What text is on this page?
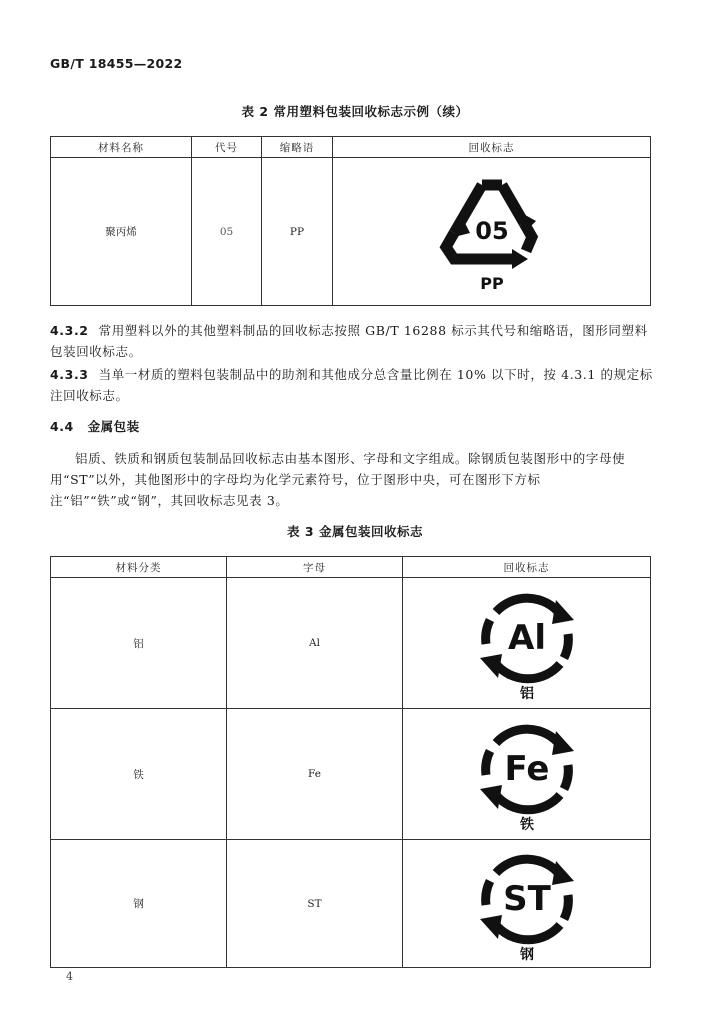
GB/T 18455—2022
表 2 常用塑料包装回收标志示例（续）
材料名称	代号	缩略语	回收标志
聚丙烯	05	PP	05
PP
4.3.2 常用塑料以外的其他塑料制品的回收标志按照 GB/T 16288 标示其代号和缩略语，图形同塑料包装回收标志。
4.3.3 当单一材质的塑料包装制品中的助剂和其他成分总含量比例在 10% 以下时，按 4.3.1 的规定标注回收标志。
4.4 金属包装
铝质、铁质和钢质包装制品回收标志由基本图形、字母和文字组成。除钢质包装图形中的字母使用“ST”以外，其他图形中的字母均为化学元素符号，位于图形中央，可在图形下方标注“铝”“铁”或“钢”，其回收标志见表 3。
表 3 金属包装回收标志
材料分类	字母	回收标志
铝	Al	Al
铝

铁	Fe	Fe
铁

钢	ST	ST
钢
4
